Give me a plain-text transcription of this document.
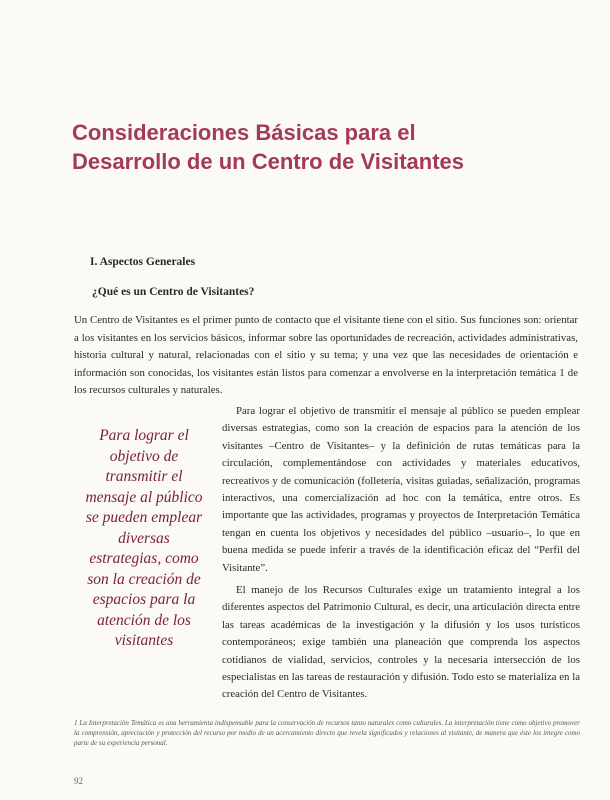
Consideraciones Básicas para el
Desarrollo de un Centro de Visitantes
I. Aspectos Generales
¿Qué es un Centro de Visitantes?

Un Centro de Visitantes es el primer punto de contacto que el visitante tiene con el sitio. Sus funciones son: orientar a los visitantes en los servicios básicos, informar sobre las oportunidades de recreación, actividades administrativas, historia cultural y natural, relacionadas con el sitio y su tema; y una vez que las necesidades de orientación e información son conocidas, los visitantes están listos para comenzar a envolverse en la interpretación temática 1 de los recursos culturales y naturales.

Para lograr el objetivo de transmitir el mensaje al público se pueden emplear diversas estrategias, como son la creación de espacios para la atención de los visitantes

Para lograr el objetivo de transmitir el mensaje al público se pueden emplear diversas estrategias, como son la creación de espacios para la atención de los visitantes –Centro de Visitantes– y la definición de rutas temáticas para la circulación, complementándose con actividades y materiales educativos, recreativos y de comunicación (folletería, visitas guiadas, señalización, programas interactivos, una comercialización ad hoc con la temática, entre otros. Es importante que las actividades, programas y proyectos de Interpretación Temática tengan en cuenta los objetivos y necesidades del público –usuario–, lo que en buena medida se puede inferir a través de la identificación eficaz del “Perfil del Visitante”.

El manejo de los Recursos Culturales exige un tratamiento integral a los diferentes aspectos del Patrimonio Cultural, es decir, una articulación directa entre las tareas académicas de la investigación y la difusión y los usos turísticos contemporáneos; exige también una planeación que comprenda los aspectos cotidianos de vialidad, servicios, controles y la necesaria intersección de los especialistas en las tareas de restauración y difusión. Todo esto se materializa en la creación del Centro de Visitantes.

1 La Interpretación Temática es una herramienta indispensable para la conservación de recursos tanto naturales como culturales. La interpretación tiene como objetivo promover la comprensión, apreciación y protección del recurso por medio de un acercamiento directo que revela significados y relaciones al visitante, de manera que éste los integre como parte de su experiencia personal.

92
